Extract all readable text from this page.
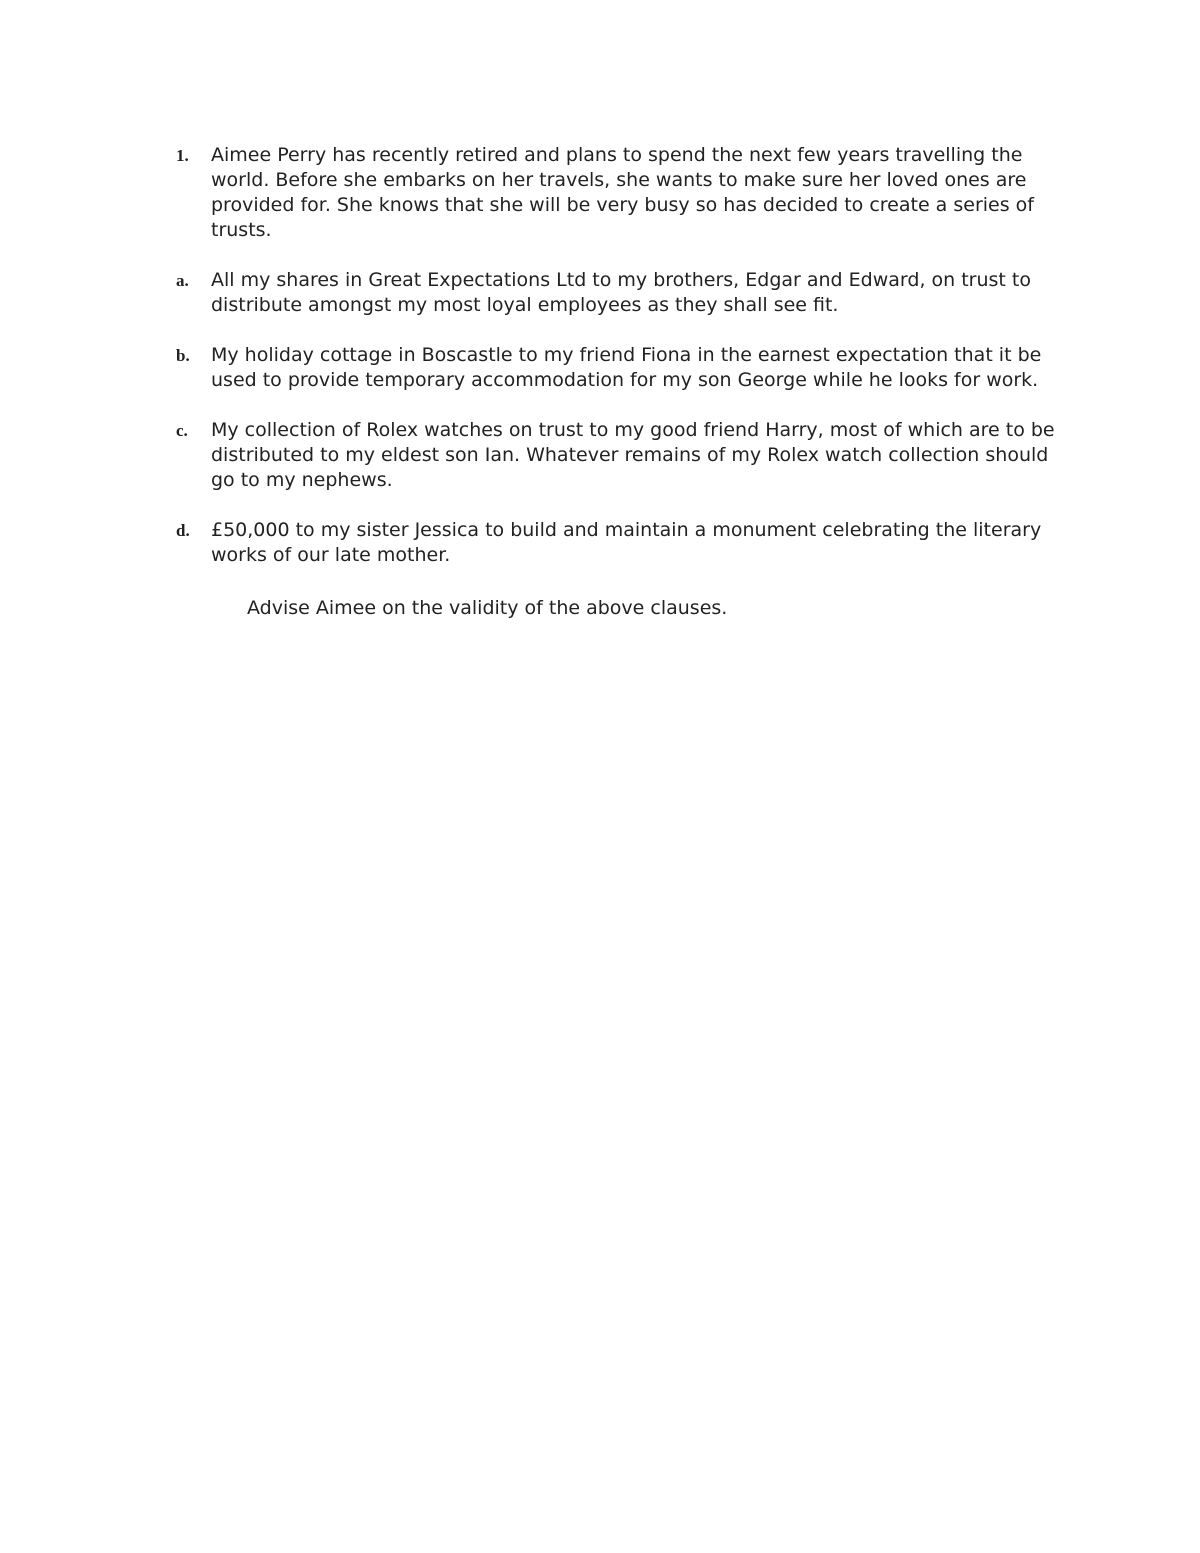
1.	Aimee Perry has recently retired and plans to spend the next few years travelling the
world. Before she embarks on her travels, she wants to make sure her loved ones are
provided for. She knows that she will be very busy so has decided to create a series of
trusts.
a.	All my shares in Great Expectations Ltd to my brothers, Edgar and Edward, on trust to
distribute amongst my most loyal employees as they shall see fit.
b.	My holiday cottage in Boscastle to my friend Fiona in the earnest expectation that it be
used to provide temporary accommodation for my son George while he looks for work.
c.	My collection of Rolex watches on trust to my good friend Harry, most of which are to be
distributed to my eldest son Ian. Whatever remains of my Rolex watch collection should
go to my nephews.
d.	£50,000 to my sister Jessica to build and maintain a monument celebrating the literary
works of our late mother.
Advise Aimee on the validity of the above clauses.
